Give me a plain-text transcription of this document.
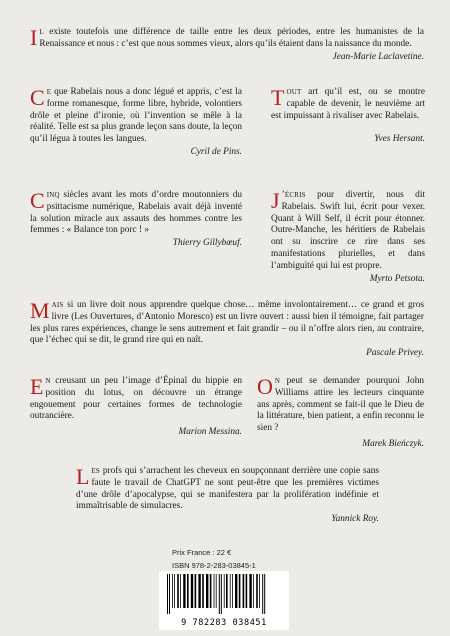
Il existe toutefois une différence de taille entre les deux périodes, entre les humanistes de la Renaissance et nous : c’est que nous sommes vieux, alors qu’ils étaient dans la naissance du monde.

Jean-Marie Laclavetine.

Ce que Rabelais nous a donc légué et appris, c’est la forme romanesque, forme libre, hybride, volontiers drôle et pleine d’ironie, où l’invention se mêle à la réalité. Telle est sa plus grande leçon sans doute, la leçon qu’il légua à toutes les langues.

Cyril de Pins.

Tout art qu’il est, ou se montre capable de devenir, le neuvième art est impuissant à rivaliser avec Rabelais.

Yves Hersant.

Cinq siècles avant les mots d’ordre moutonniers du psittacisme numérique, Rabelais avait déjà inventé la solution miracle aux assauts des hommes contre les femmes : « Balance ton porc ! »

Thierry Gillybœuf.

J ’écris pour divertir, nous dit Rabelais. Swift lui, écrit pour vexer. Quant à Will Self, il écrit pour étonner. Outre-Manche, les héritiers de Rabelais ont su inscrire ce rire dans ses manifestations plurielles, et dans l’ambiguïté qui lui est propre.

Myrto Petsota.

Mais si un livre doit nous apprendre quelque chose… même involontairement… ce grand et gros livre (Les Ouvertures, d’Antonio Moresco) est un livre ouvert : aussi bien il témoigne, fait partager les plus rares expériences, change le sens autrement et fait grandir – ou il n’offre alors rien, au contraire, que l’échec qui se dit, le grand rire qui en naît.

Pascale Privey.

En creusant un peu l’image d’Épinal du hippie en position du lotus, on découvre un étrange engouement pour certaines formes de technologie outrancière.

Marion Messina.

On peut se demander pourquoi John Williams attire les lecteurs cinquante ans après, comment se fait-il que le Dieu de la littérature, bien patient, a enfin reconnu le sien ?

Marek Bieńczyk.

Les profs qui s’arrachent les cheveux en soupçonnant derrière une copie sans faute le travail de ChatGPT ne sont peut-être que les premières victimes d’une drôle d’apocalypse, qui se manifestera par la prolifération indéfinie et immaîtrisable de simulacres.

Yannick Roy.
Prix France : 22 €
ISBN 978-2-283-03845-1
9 782283 038451
